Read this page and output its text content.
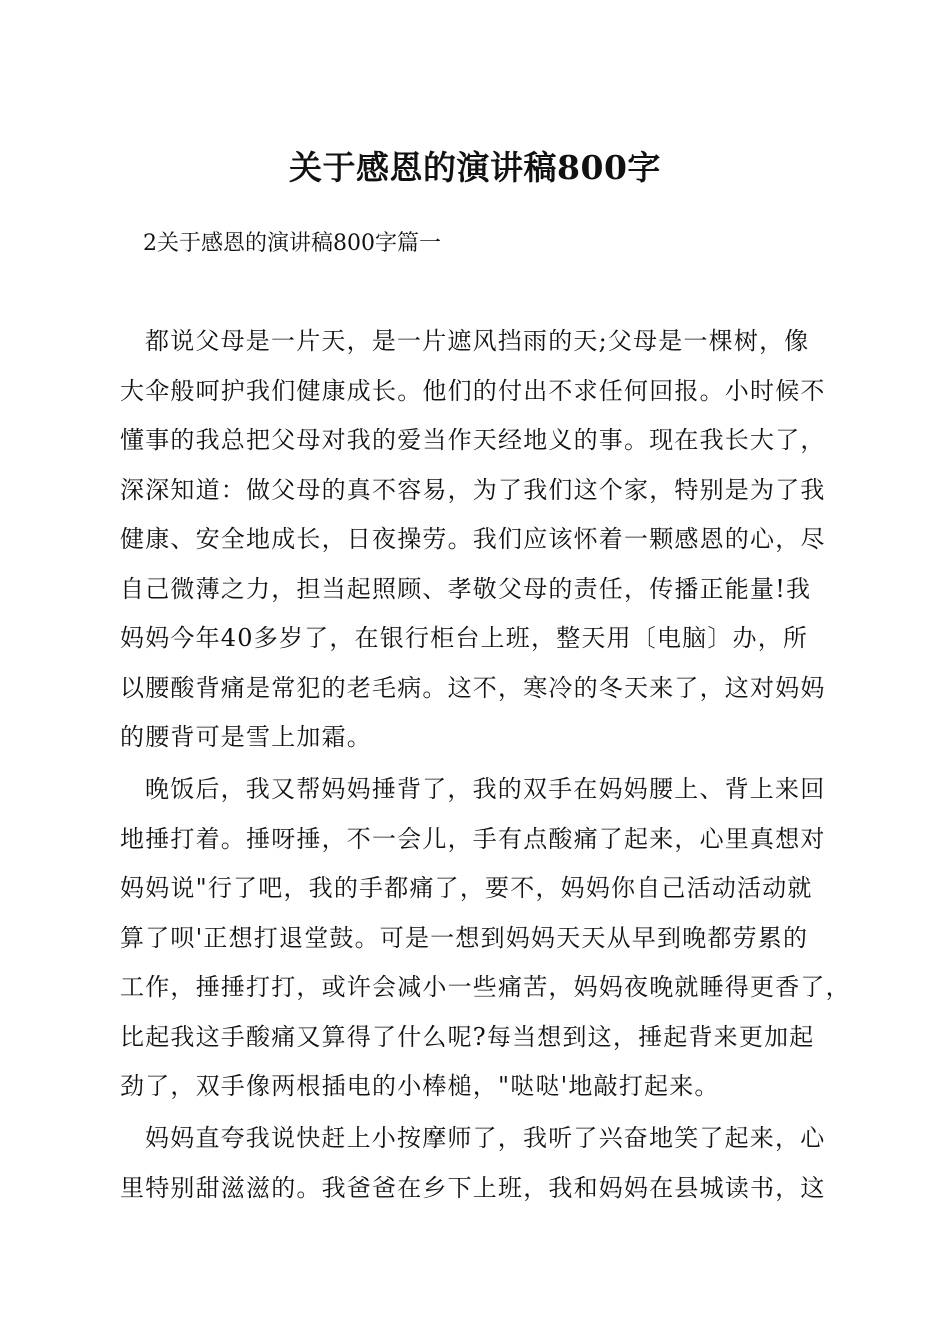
关于感恩的演讲稿800字
2关于感恩的演讲稿800字篇一
都说父母是一片天，是一片遮风挡雨的天;父母是一棵树，像
大伞般呵护我们健康成长。他们的付出不求任何回报。小时候不
懂事的我总把父母对我的爱当作天经地义的事。现在我长大了，
深深知道：做父母的真不容易，为了我们这个家，特别是为了我
健康、安全地成长，日夜操劳。我们应该怀着一颗感恩的心，尽
自己微薄之力，担当起照顾、孝敬父母的责任，传播正能量!我
妈妈今年40多岁了，在银行柜台上班，整天用〔电脑〕办，所
以腰酸背痛是常犯的老毛病。这不，寒冷的冬天来了，这对妈妈
的腰背可是雪上加霜。
晚饭后，我又帮妈妈捶背了，我的双手在妈妈腰上、背上来回
地捶打着。捶呀捶，不一会儿，手有点酸痛了起来，心里真想对
妈妈说"行了吧，我的手都痛了，要不，妈妈你自己活动活动就
算了呗'正想打退堂鼓。可是一想到妈妈天天从早到晚都劳累的
工作，捶捶打打，或许会减小一些痛苦，妈妈夜晚就睡得更香了，
比起我这手酸痛又算得了什么呢?每当想到这，捶起背来更加起
劲了，双手像两根插电的小棒槌，"哒哒'地敲打起来。
妈妈直夸我说快赶上小按摩师了，我听了兴奋地笑了起来，心
里特别甜滋滋的。我爸爸在乡下上班，我和妈妈在县城读书，这
